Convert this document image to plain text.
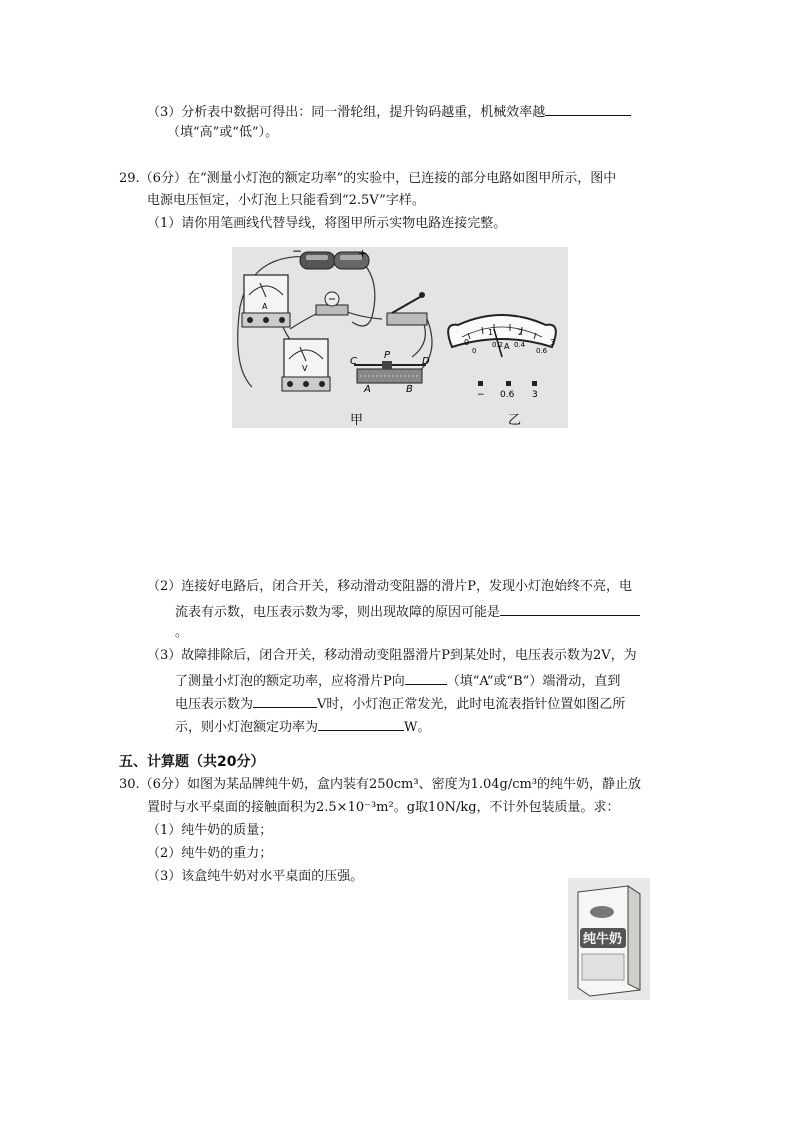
（3）分析表中数据可得出：同一滑轮组，提升钩码越重，机械效率越
（填“高”或“低”）。
29.（6分）在“测量小灯泡的额定功率”的实验中，已连接的部分电路如图甲所示，图中
电源电压恒定，小灯泡上只能看到“2.5V”字样。
（1）请你用笔画线代替导线，将图甲所示实物电路连接完整。
−	+
A
V
C
P
D
A	B
0
1	2
3
0
0.2 0.4
0.6
A
− 0.6 3
甲	乙
（2）连接好电路后，闭合开关，移动滑动变阻器的滑片P，发现小灯泡始终不亮，电
流表有示数，电压表示数为零，则出现故障的原因可能是
。
（3）故障排除后，闭合开关，移动滑动变阻器滑片P到某处时，电压表示数为2V，为
了测量小灯泡的额定功率，应将滑片P向	（填“A”或“B”）端滑动，直到
电压表示数为	V时，小灯泡正常发光，此时电流表指针位置如图乙所
示，则小灯泡额定功率为	W。
五、计算题（共20分）
30.（6分）如图为某品牌纯牛奶，盒内装有250cm³、密度为1.04g/cm³的纯牛奶，静止放
置时与水平桌面的接触面积为2.5×10⁻³m²。g取10N/kg，不计外包装质量。求：
（1）纯牛奶的质量；
（2）纯牛奶的重力；
（3）该盒纯牛奶对水平桌面的压强。
纯牛奶
